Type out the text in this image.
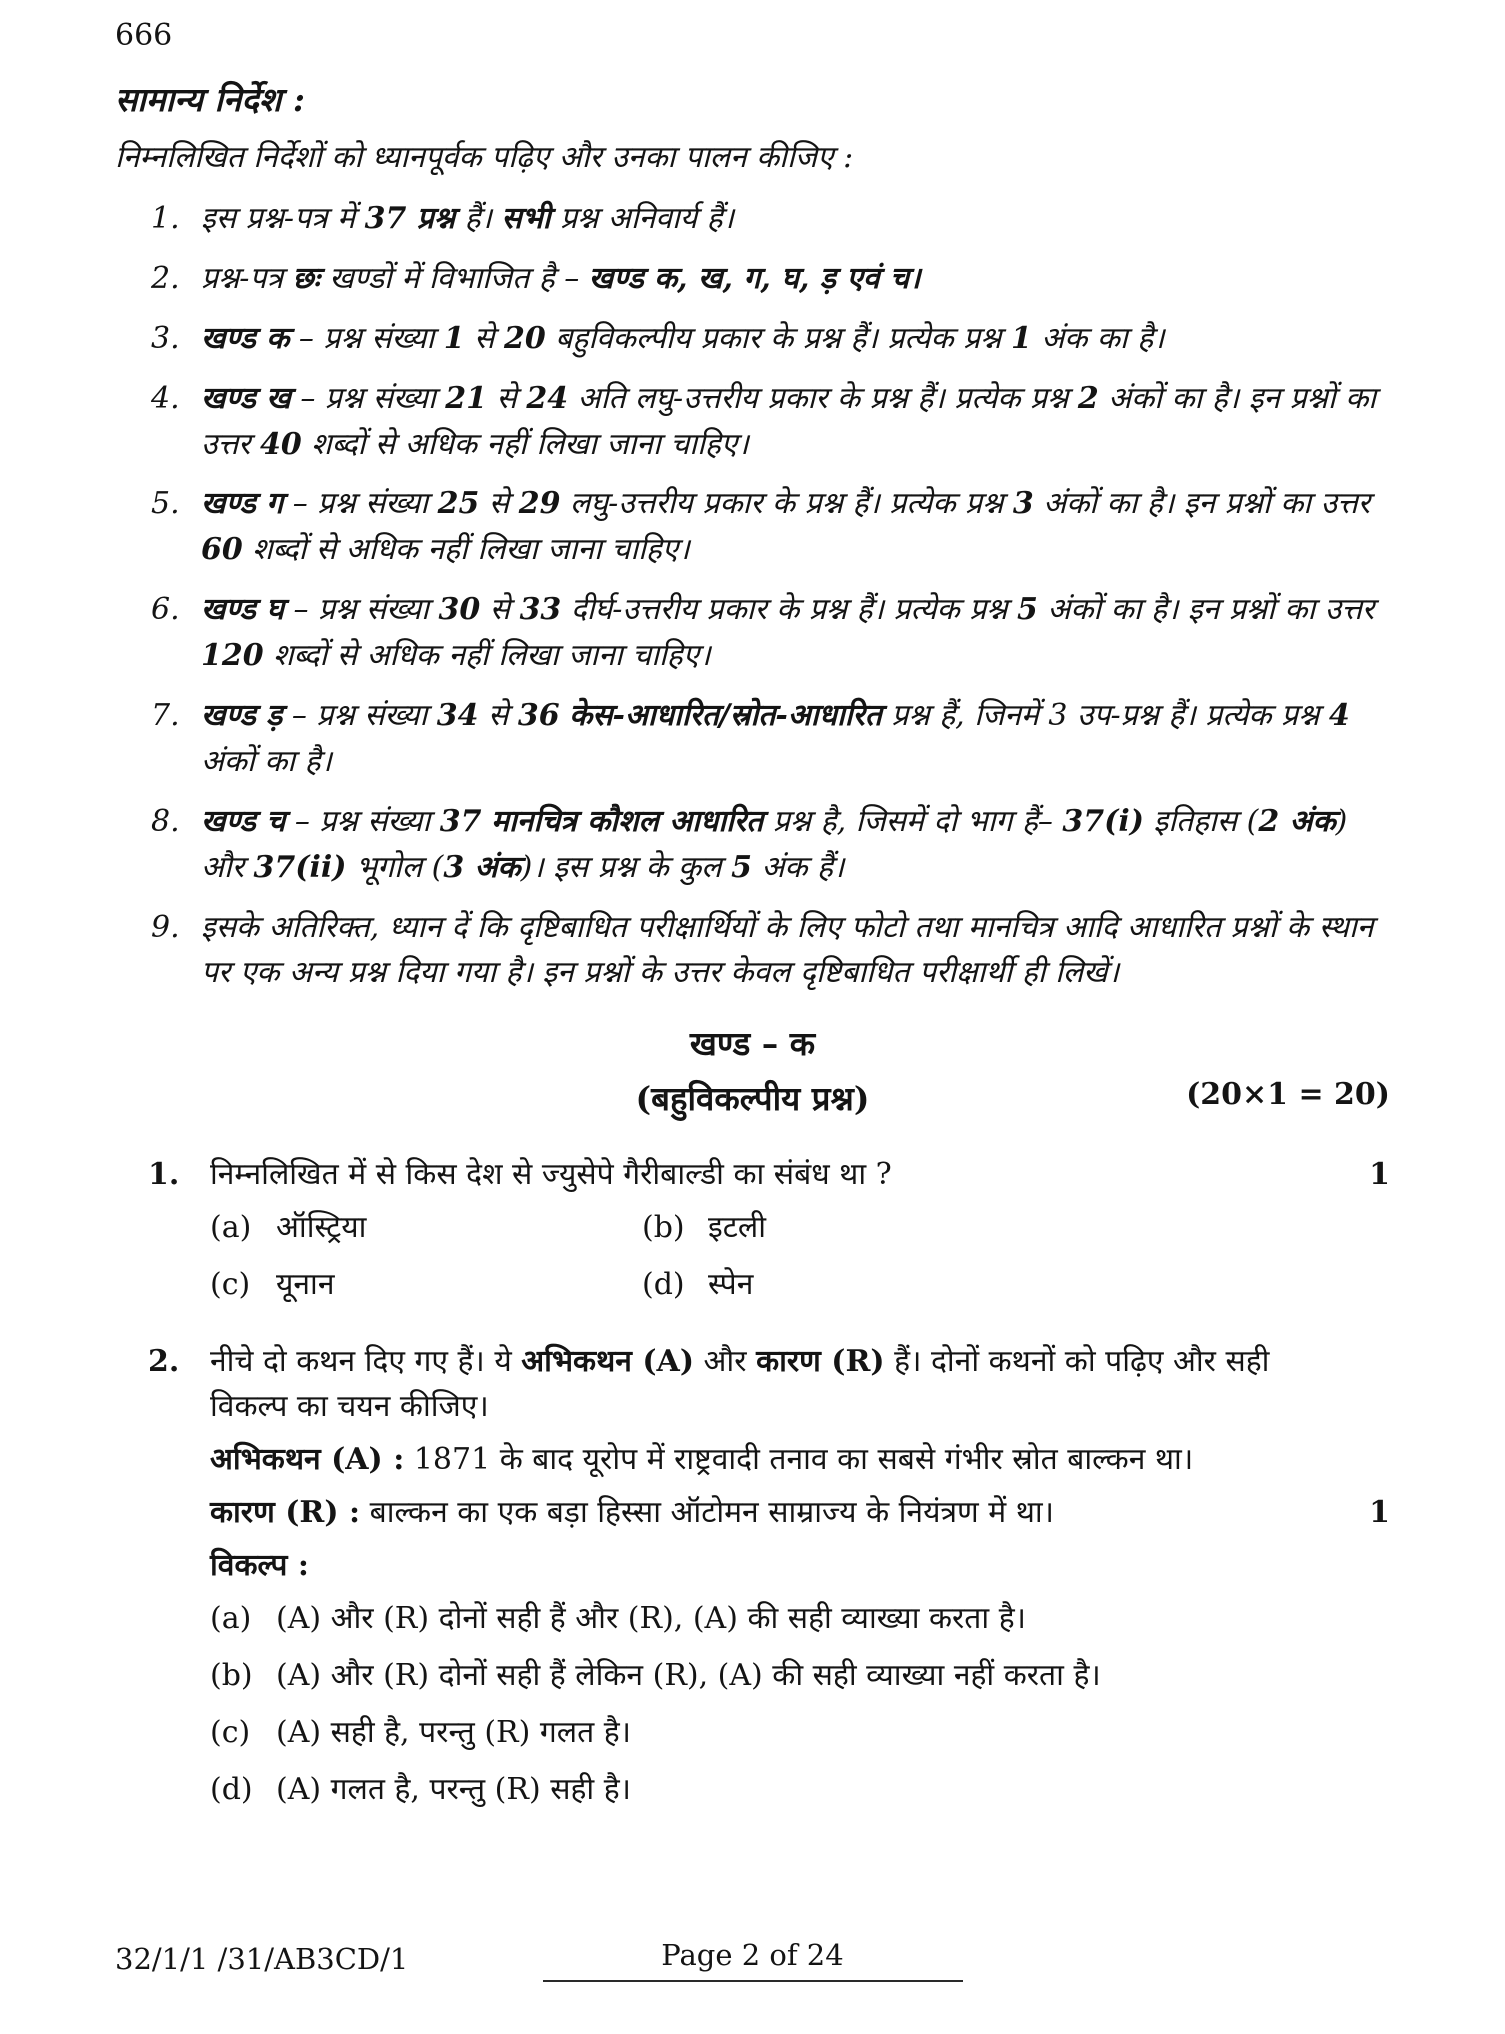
666
सामान्य निर्देश :
निम्नलिखित निर्देशों को ध्यानपूर्वक पढ़िए और उनका पालन कीजिए :
1. इस प्रश्न-पत्र में 37 प्रश्न हैं। सभी प्रश्न अनिवार्य हैं।
2. प्रश्न-पत्र छः खण्डों में विभाजित है – खण्ड क, ख, ग, घ, ड़ एवं च।
3. खण्ड क – प्रश्न संख्या 1 से 20 बहुविकल्पीय प्रकार के प्रश्न हैं। प्रत्येक प्रश्न 1 अंक का है।
4. खण्ड ख – प्रश्न संख्या 21 से 24 अति लघु-उत्तरीय प्रकार के प्रश्न हैं। प्रत्येक प्रश्न 2 अंकों का है। इन प्रश्नों का उत्तर 40 शब्दों से अधिक नहीं लिखा जाना चाहिए।
5. खण्ड ग – प्रश्न संख्या 25 से 29 लघु-उत्तरीय प्रकार के प्रश्न हैं। प्रत्येक प्रश्न 3 अंकों का है। इन प्रश्नों का उत्तर 60 शब्दों से अधिक नहीं लिखा जाना चाहिए।
6. खण्ड घ – प्रश्न संख्या 30 से 33 दीर्घ-उत्तरीय प्रकार के प्रश्न हैं। प्रत्येक प्रश्न 5 अंकों का है। इन प्रश्नों का उत्तर 120 शब्दों से अधिक नहीं लिखा जाना चाहिए।
7. खण्ड ड़ – प्रश्न संख्या 34 से 36 केस-आधारित/स्रोत-आधारित प्रश्न हैं, जिनमें 3 उप-प्रश्न हैं। प्रत्येक प्रश्न 4 अंकों का है।
8. खण्ड च – प्रश्न संख्या 37 मानचित्र कौशल आधारित प्रश्न है, जिसमें दो भाग हैं– 37(i) इतिहास (2 अंक) और 37(ii) भूगोल (3 अंक)। इस प्रश्न के कुल 5 अंक हैं।
9. इसके अतिरिक्त, ध्यान दें कि दृष्टिबाधित परीक्षार्थियों के लिए फोटो तथा मानचित्र आदि आधारित प्रश्नों के स्थान पर एक अन्य प्रश्न दिया गया है। इन प्रश्नों के उत्तर केवल दृष्टिबाधित परीक्षार्थी ही लिखें।
खण्ड – क
(बहुविकल्पीय प्रश्न)	(20×1 = 20)
1.	निम्नलिखित में से किस देश से ज्युसेपे गैरीबाल्डी का संबंध था ?	1
(a) ऑस्ट्रिया	(b) इटली
(c) यूनान	(d) स्पेन
2.	नीचे दो कथन दिए गए हैं। ये अभिकथन (A) और कारण (R) हैं। दोनों कथनों को पढ़िए और सही विकल्प का चयन कीजिए।
अभिकथन (A) : 1871 के बाद यूरोप में राष्ट्रवादी तनाव का सबसे गंभीर स्रोत बाल्कन था।
कारण (R) : बाल्कन का एक बड़ा हिस्सा ऑटोमन साम्राज्य के नियंत्रण में था।	1
विकल्प :
(a) (A) और (R) दोनों सही हैं और (R), (A) की सही व्याख्या करता है।
(b) (A) और (R) दोनों सही हैं लेकिन (R), (A) की सही व्याख्या नहीं करता है।
(c) (A) सही है, परन्तु (R) गलत है।
(d) (A) गलत है, परन्तु (R) सही है।
32/1/1 /31/AB3CD/1	Page 2 of 24
